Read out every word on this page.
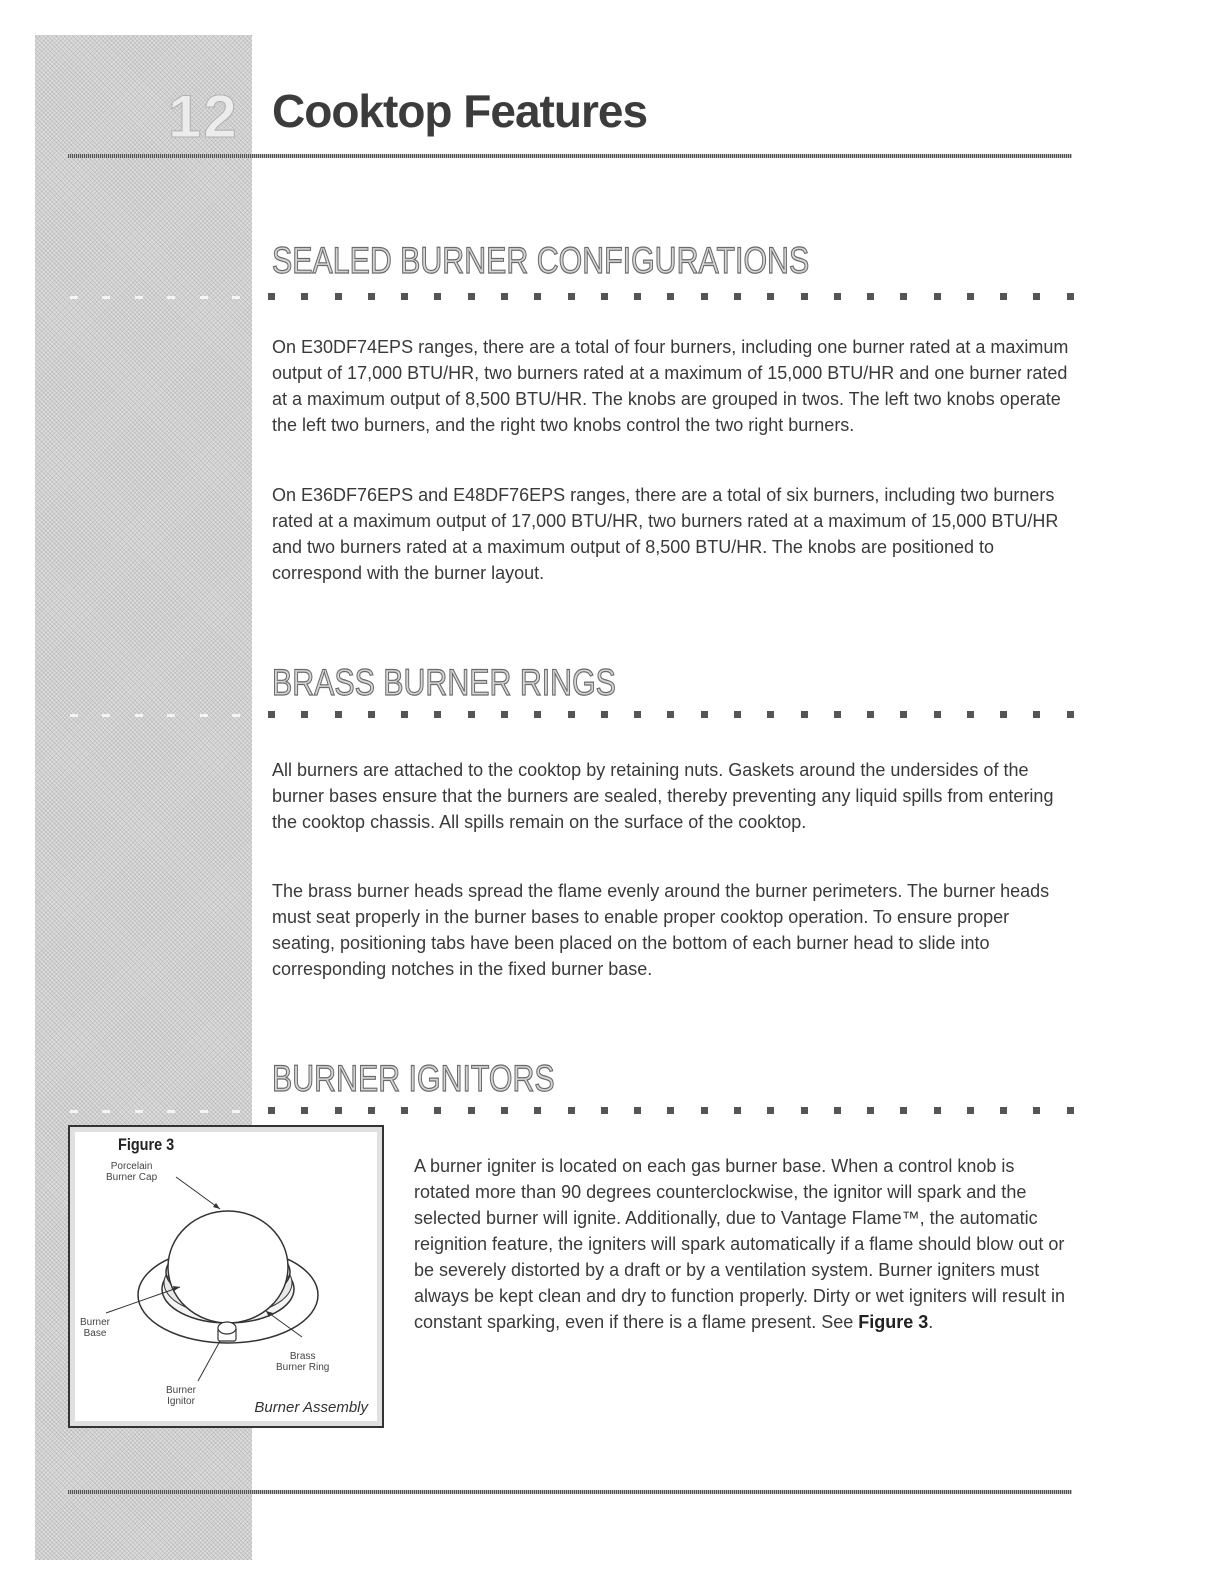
12 Cooktop Features
SEALED BURNER CONFIGURATIONS

On E30DF74EPS ranges, there are a total of four burners, including one burner rated at a maximum output of 17,000 BTU/HR, two burners rated at a maximum of 15,000 BTU/HR and one burner rated at a maximum output of 8,500 BTU/HR. The knobs are grouped in twos. The left two knobs operate the left two burners, and the right two knobs control the two right burners.

On E36DF76EPS and E48DF76EPS ranges, there are a total of six burners, including two burners rated at a maximum output of 17,000 BTU/HR, two burners rated at a maximum of 15,000 BTU/HR and two burners rated at a maximum output of 8,500 BTU/HR. The knobs are positioned to correspond with the burner layout.

BRASS BURNER RINGS

All burners are attached to the cooktop by retaining nuts. Gaskets around the undersides of the burner bases ensure that the burners are sealed, thereby preventing any liquid spills from entering the cooktop chassis. All spills remain on the surface of the cooktop.

The brass burner heads spread the flame evenly around the burner perimeters. The burner heads must seat properly in the burner bases to enable proper cooktop operation. To ensure proper seating, positioning tabs have been placed on the bottom of each burner head to slide into corresponding notches in the fixed burner base.

BURNER IGNITORS

A burner igniter is located on each gas burner base. When a control knob is rotated more than 90 degrees counterclockwise, the ignitor will spark and the selected burner will ignite. Additionally, due to Vantage Flame™, the automatic reignition feature, the igniters will spark automatically if a flame should blow out or be severely distorted by a draft or by a ventilation system. Burner igniters must always be kept clean and dry to function properly. Dirty or wet igniters will result in constant sparking, even if there is a flame present. See Figure 3.

Figure 3
Porcelain
Burner Cap
Burner
Base
Brass
Burner Ring
Burner
Ignitor	Burner Assembly
